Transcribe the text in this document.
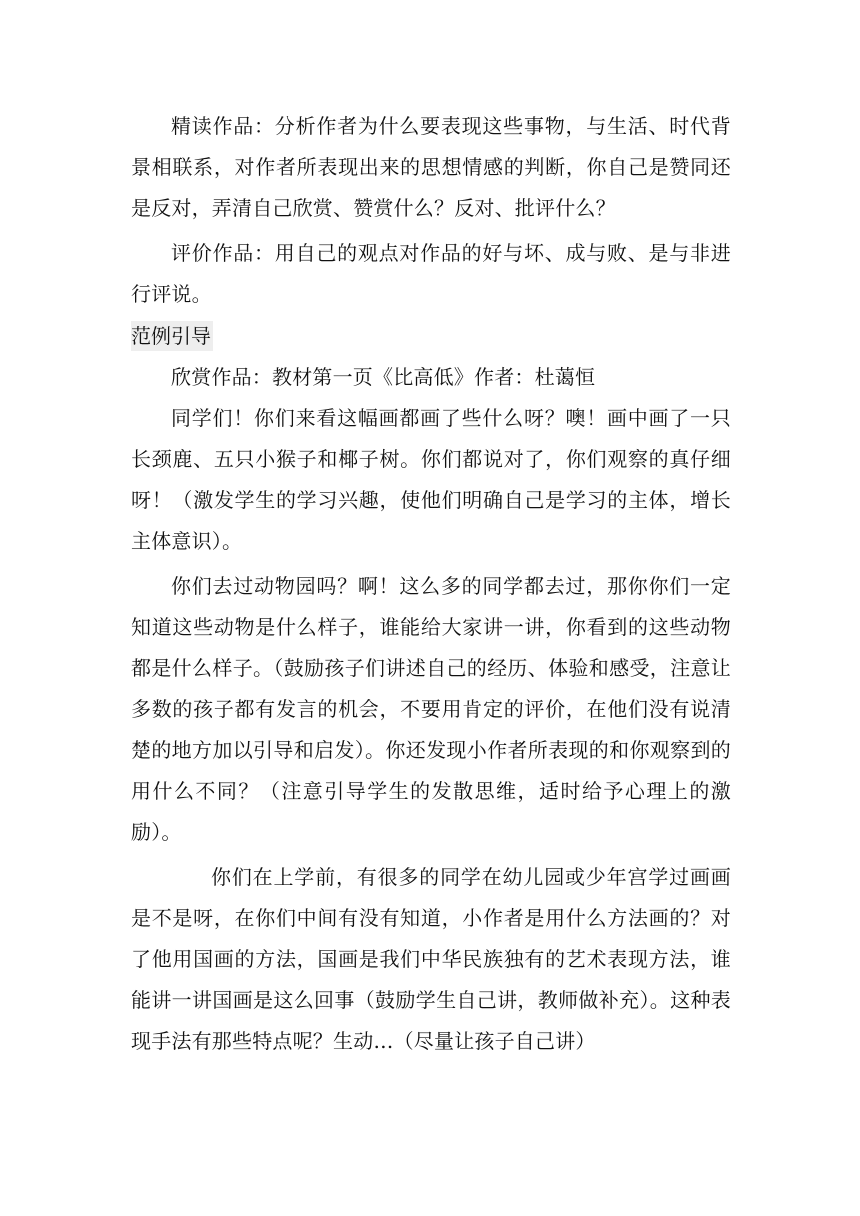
精读作品：分析作者为什么要表现这些事物，与生活、时代背景相联系，对作者所表现出来的思想情感的判断，你自己是赞同还是反对，弄清自己欣赏、赞赏什么？反对、批评什么？

评价作品：用自己的观点对作品的好与坏、成与败、是与非进行评说。

范例引导

欣赏作品：教材第一页《比高低》作者：杜蔼恒

同学们！你们来看这幅画都画了些什么呀？噢！画中画了一只长颈鹿、五只小猴子和椰子树。你们都说对了，你们观察的真仔细呀！（激发学生的学习兴趣，使他们明确自己是学习的主体，增长主体意识）。

你们去过动物园吗？啊！这么多的同学都去过，那你你们一定知道这些动物是什么样子，谁能给大家讲一讲，你看到的这些动物都是什么样子。（鼓励孩子们讲述自己的经历、体验和感受，注意让多数的孩子都有发言的机会，不要用肯定的评价，在他们没有说清楚的地方加以引导和启发）。你还发现小作者所表现的和你观察到的用什么不同？（注意引导学生的发散思维，适时给予心理上的激励）。

你们在上学前，有很多的同学在幼儿园或少年宫学过画画是不是呀，在你们中间有没有知道，小作者是用什么方法画的？对了他用国画的方法，国画是我们中华民族独有的艺术表现方法，谁能讲一讲国画是这么回事（鼓励学生自己讲，教师做补充）。这种表现手法有那些特点呢？生动…（尽量让孩子自己讲）
